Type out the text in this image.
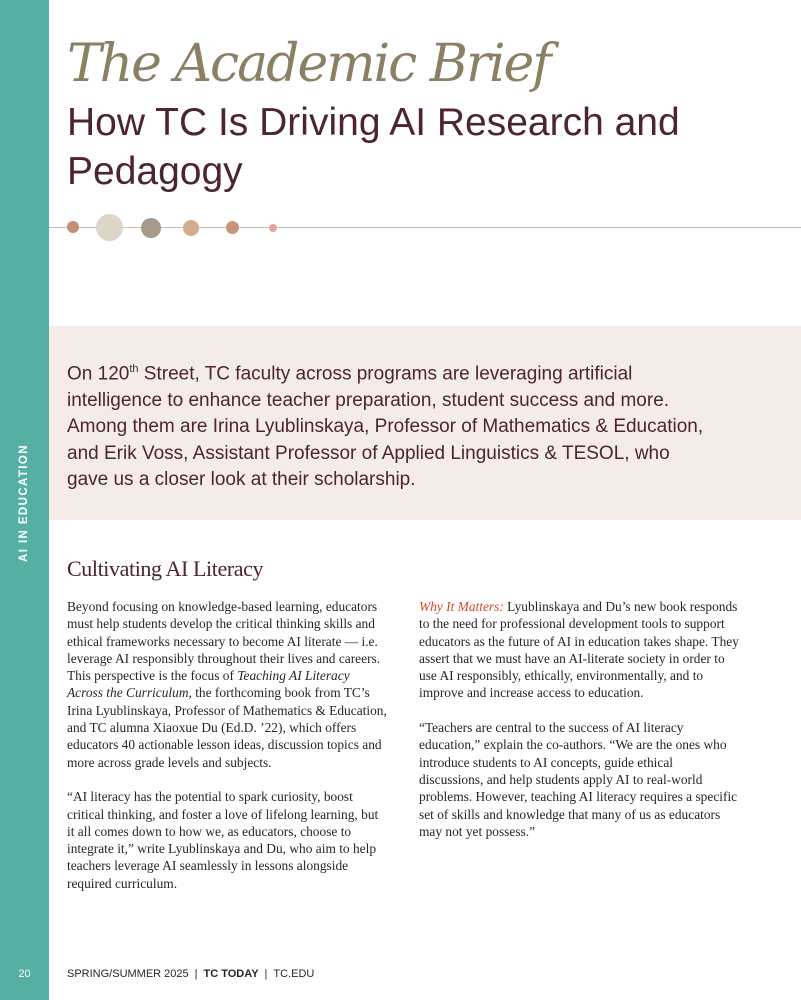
AI IN EDUCATION
20
The Academic Brief
How TC Is Driving AI Research and Pedagogy

On 120th Street, TC faculty across programs are leveraging artificial intelligence to enhance teacher preparation, student success and more. Among them are Irina Lyublinskaya, Professor of Mathematics & Education, and Erik Voss, Assistant Professor of Applied Linguistics & TESOL, who gave us a closer look at their scholarship.

Cultivating AI Literacy

Beyond focusing on knowledge-based learning, educators must help students develop the critical thinking skills and ethical frameworks necessary to become AI literate — i.e. leverage AI responsibly throughout their lives and careers. This perspective is the focus of Teaching AI Literacy Across the Curriculum, the forthcoming book from TC’s Irina Lyublinskaya, Professor of Mathematics & Education, and TC alumna Xiaoxue Du (Ed.D. ’22), which offers educators 40 actionable lesson ideas, discussion topics and more across grade levels and subjects.

“AI literacy has the potential to spark curiosity, boost critical thinking, and foster a love of lifelong learning, but it all comes down to how we, as educators, choose to integrate it,” write Lyublinskaya and Du, who aim to help teachers leverage AI seamlessly in lessons alongside required curriculum.

Why It Matters: Lyublinskaya and Du’s new book responds to the need for professional development tools to support educators as the future of AI in education takes shape. They assert that we must have an AI-literate society in order to use AI responsibly, ethically, environmentally, and to improve and increase access to education.

“Teachers are central to the success of AI literacy education,” explain the co-authors. “We are the ones who introduce students to AI concepts, guide ethical discussions, and help students apply AI to real-world problems. However, teaching AI literacy requires a specific set of skills and knowledge that many of us as educators may not yet possess.”

SPRING/SUMMER 2025 | TC TODAY | TC.EDU
